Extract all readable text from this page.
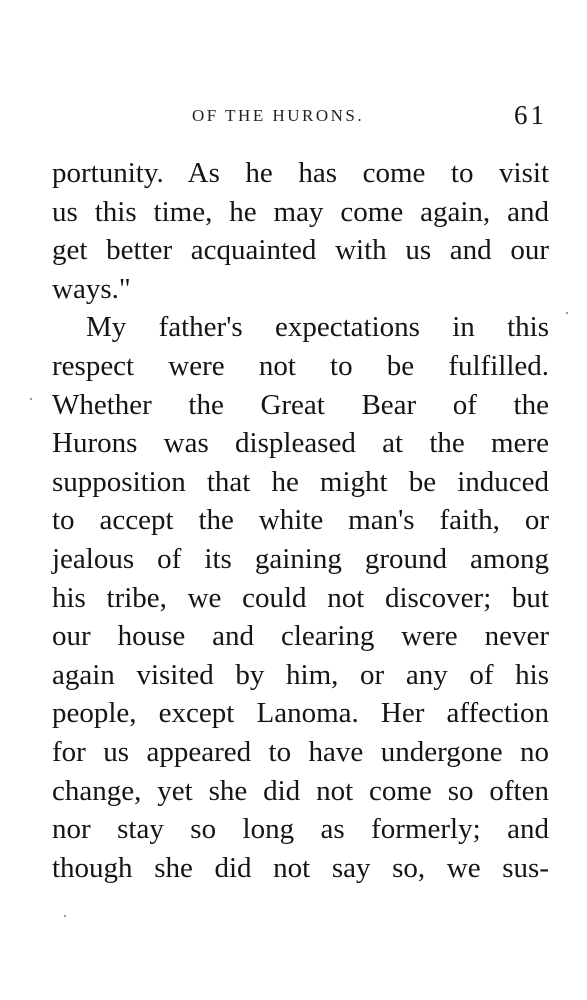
OF THE HURONS.	61
portunity. As he has come to visit
us this time, he may come again, and
get better acquainted with us and our
ways."
My father's expectations in this
respect were not to be fulfilled.
Whether the Great Bear of the
Hurons was displeased at the mere
supposition that he might be induced
to accept the white man's faith, or
jealous of its gaining ground among
his tribe, we could not discover; but
our house and clearing were never
again visited by him, or any of his
people, except Lanoma. Her affection
for us appeared to have undergone no
change, yet she did not come so often
nor stay so long as formerly; and
though she did not say so, we sus-
